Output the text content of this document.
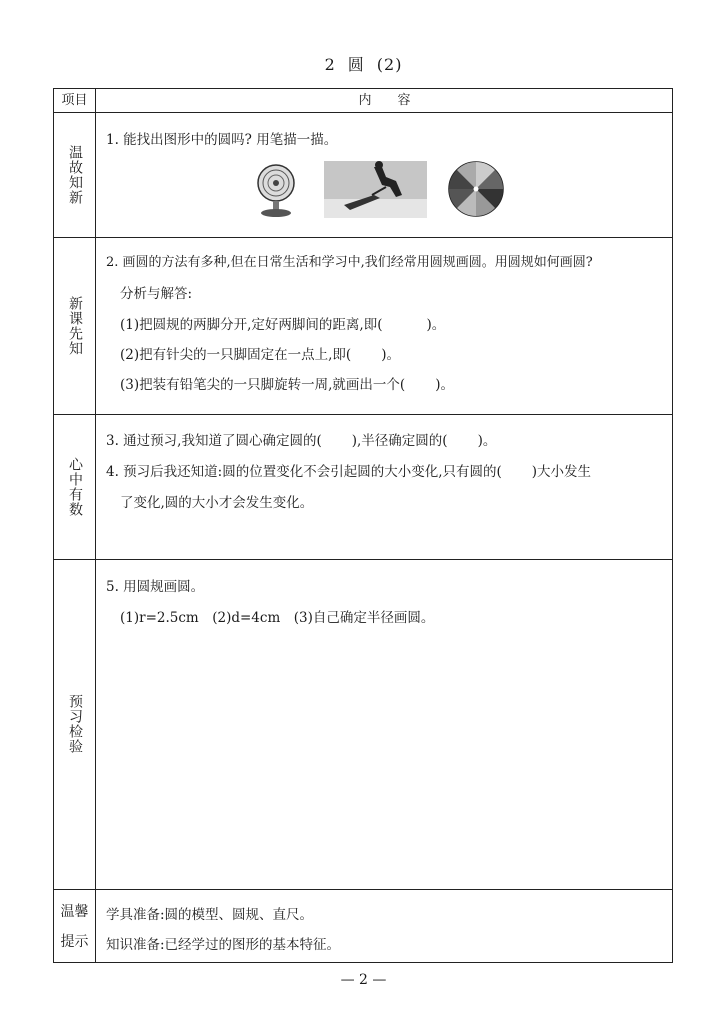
2 圆 (2)
项目	内　　容
温故知新
1. 能找出图形中的圆吗? 用笔描一描。
新课先知
2. 画圆的方法有多种,但在日常生活和学习中,我们经常用圆规画圆。用圆规如何画圆?
分析与解答:
(1)把圆规的两脚分开,定好两脚间的距离,即(	)。
(2)把有针尖的一只脚固定在一点上,即( )。
(3)把装有铅笔尖的一只脚旋转一周,就画出一个( )。
心中有数
3. 通过预习,我知道了圆心确定圆的( ),半径确定圆的( )。
4. 预习后我还知道:圆的位置变化不会引起圆的大小变化,只有圆的( )大小发生
了变化,圆的大小才会发生变化。
预习检验
5. 用圆规画圆。
(1)r=2.5cm　(2)d=4cm　(3)自己确定半径画圆。
温馨
提示
学具准备:圆的模型、圆规、直尺。
知识准备:已经学过的图形的基本特征。
— 2 —
